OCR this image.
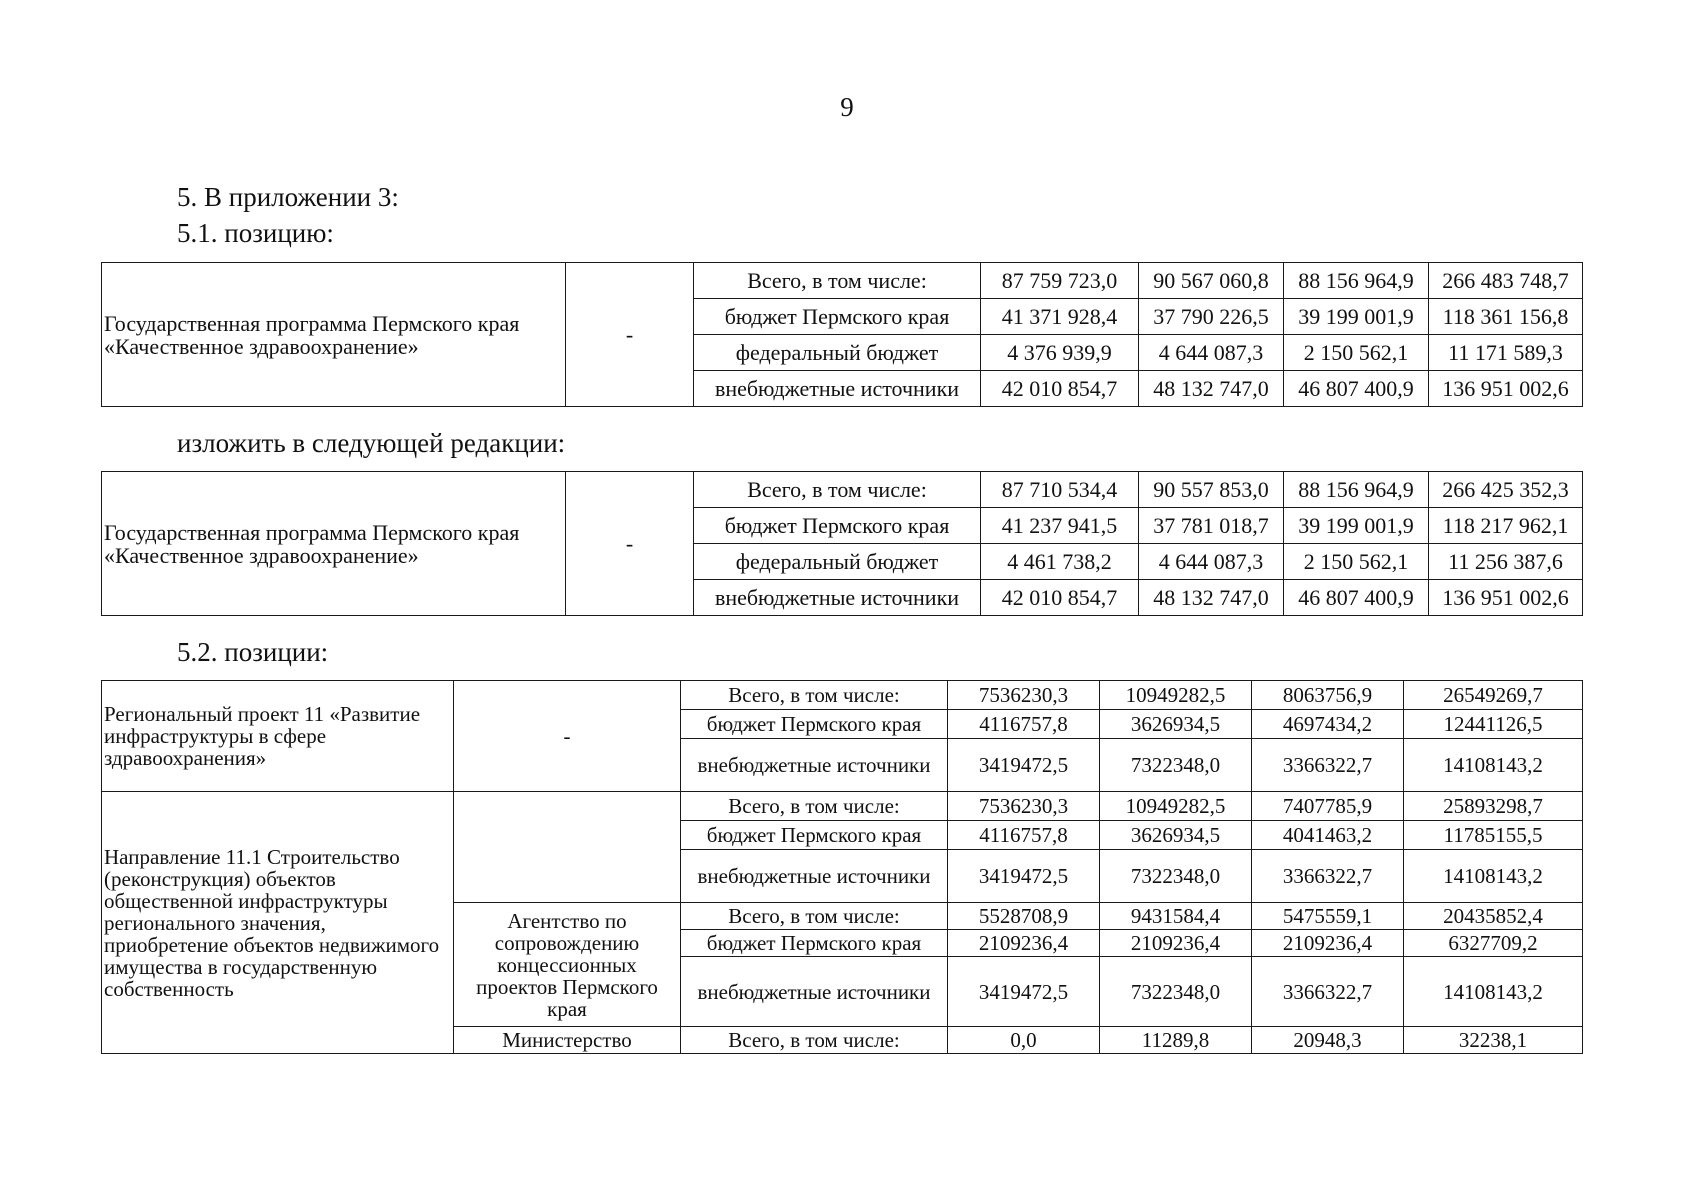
9
5. В приложении 3:
5.1. позицию:
Государственная программа Пермского края «Качественное здравоохранение»	-	Всего, в том числе:	87 759 723,0	90 567 060,8	88 156 964,9	266 483 748,7
		бюджет Пермского края	41 371 928,4	37 790 226,5	39 199 001,9	118 361 156,8
		федеральный бюджет	4 376 939,9	4 644 087,3	2 150 562,1	11 171 589,3
		внебюджетные источники	42 010 854,7	48 132 747,0	46 807 400,9	136 951 002,6
изложить в следующей редакции:
Государственная программа Пермского края «Качественное здравоохранение»	-	Всего, в том числе:	87 710 534,4	90 557 853,0	88 156 964,9	266 425 352,3
		бюджет Пермского края	41 237 941,5	37 781 018,7	39 199 001,9	118 217 962,1
		федеральный бюджет	4 461 738,2	4 644 087,3	2 150 562,1	11 256 387,6
		внебюджетные источники	42 010 854,7	48 132 747,0	46 807 400,9	136 951 002,6
5.2. позиции:
Региональный проект 11 «Развитие инфраструктуры в сфере здравоохранения»	-	Всего, в том числе:	7536230,3	10949282,5	8063756,9	26549269,7
		бюджет Пермского края	4116757,8	3626934,5	4697434,2	12441126,5
		внебюджетные источники	3419472,5	7322348,0	3366322,7	14108143,2
Направление 11.1 Строительство (реконструкция) объектов общественной инфраструктуры регионального значения, приобретение объектов недвижимого имущества в государственную собственность		Всего, в том числе:	7536230,3	10949282,5	7407785,9	25893298,7
		бюджет Пермского края	4116757,8	3626934,5	4041463,2	11785155,5
		внебюджетные источники	3419472,5	7322348,0	3366322,7	14108143,2
	Агентство по сопровождению концессионных проектов Пермского края	Всего, в том числе:	5528708,9	9431584,4	5475559,1	20435852,4
		бюджет Пермского края	2109236,4	2109236,4	2109236,4	6327709,2
		внебюджетные источники	3419472,5	7322348,0	3366322,7	14108143,2
	Министерство	Всего, в том числе:	0,0	11289,8	20948,3	32238,1
